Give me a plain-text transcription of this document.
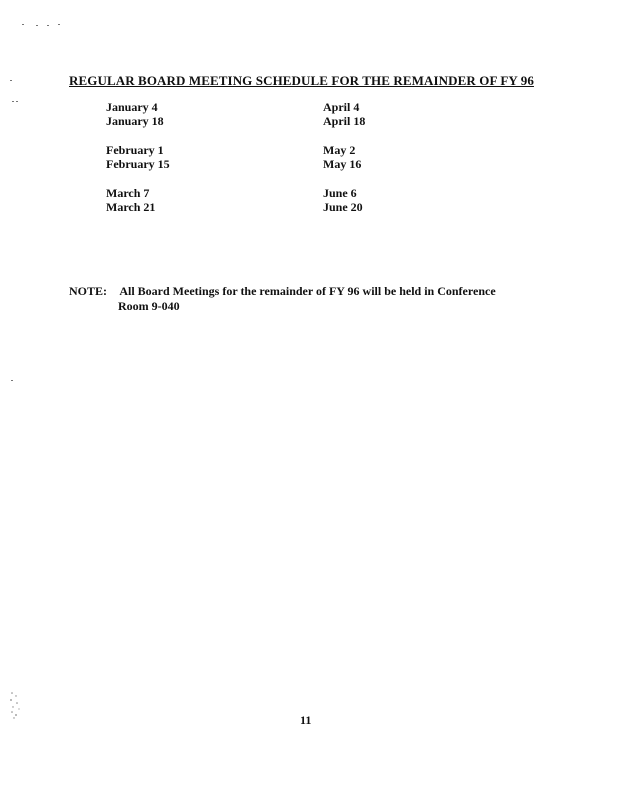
REGULAR BOARD MEETING SCHEDULE FOR THE REMAINDER OF FY 96
January 4
January 18
February 1
February 15
March 7
March 21
April 4
April 18
May 2
May 16
June 6
June 20
NOTE: All Board Meetings for the remainder of FY 96 will be held in Conference
Room 9-040
11
